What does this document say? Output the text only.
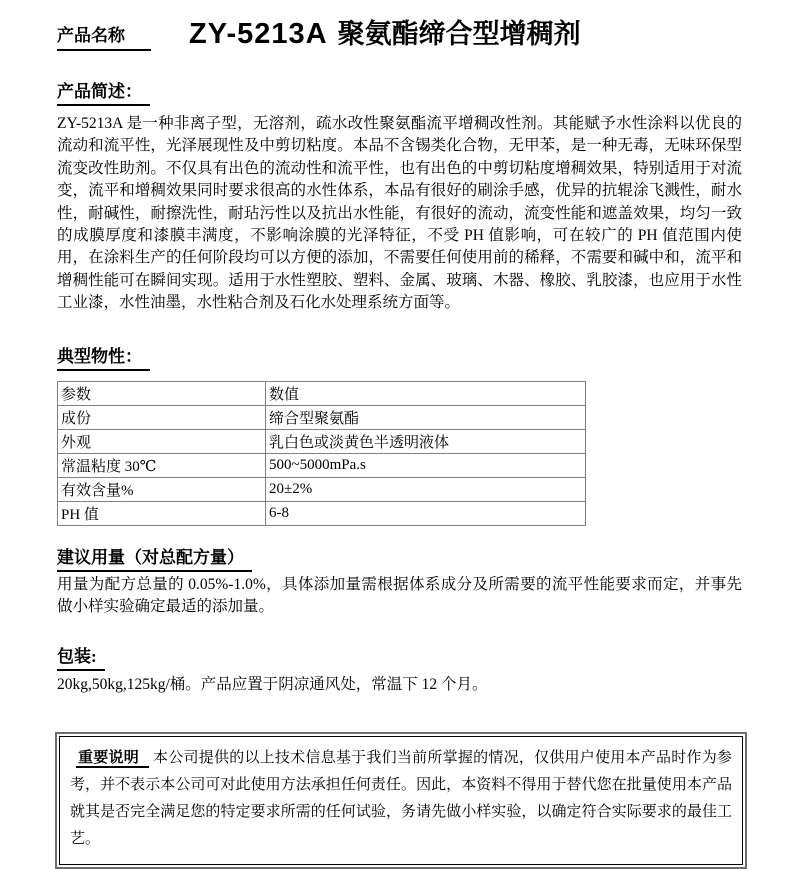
产品名称	ZY-5213A 聚氨酯缔合型增稠剂
产品简述：

ZY-5213A 是一种非离子型，无溶剂，疏水改性聚氨酯流平增稠改性剂。其能赋予水性涂料以优良的流动和流平性，光泽展现性及中剪切粘度。本品不含锡类化合物，无甲苯，是一种无毒，无味环保型流变改性助剂。不仅具有出色的流动性和流平性，也有出色的中剪切粘度增稠效果，特别适用于对流变，流平和增稠效果同时要求很高的水性体系，本品有很好的刷涂手感，优异的抗辊涂飞溅性，耐水性，耐碱性，耐擦洗性，耐玷污性以及抗出水性能，有很好的流动，流变性能和遮盖效果，均匀一致的成膜厚度和漆膜丰满度，不影响涂膜的光泽特征，不受 PH 值影响，可在较广的 PH 值范围内使用，在涂料生产的任何阶段均可以方便的添加，不需要任何使用前的稀释，不需要和碱中和，流平和增稠性能可在瞬间实现。适用于水性塑胶、塑料、金属、玻璃、木器、橡胶、乳胶漆，也应用于水性工业漆，水性油墨，水性粘合剂及石化水处理系统方面等。

典型物性：
参数	数值
成份	缔合型聚氨酯
外观	乳白色或淡黄色半透明液体
常温粘度 30℃	500~5000mPa.s
有效含量%	20±2%
PH 值	6-8
建议用量（对总配方量）

用量为配方总量的 0.05%-1.0%，具体添加量需根据体系成分及所需要的流平性能要求而定，并事先做小样实验确定最适的添加量。

包装:

20kg,50kg,125kg/桶。产品应置于阴凉通风处，常温下 12 个月。

重要说明 本公司提供的以上技术信息基于我们当前所掌握的情况，仅供用户使用本产品时作为参考，并不表示本公司可对此使用方法承担任何责任。因此，本资料不得用于替代您在批量使用本产品就其是否完全满足您的特定要求所需的任何试验，务请先做小样实验，以确定符合实际要求的最佳工艺。
